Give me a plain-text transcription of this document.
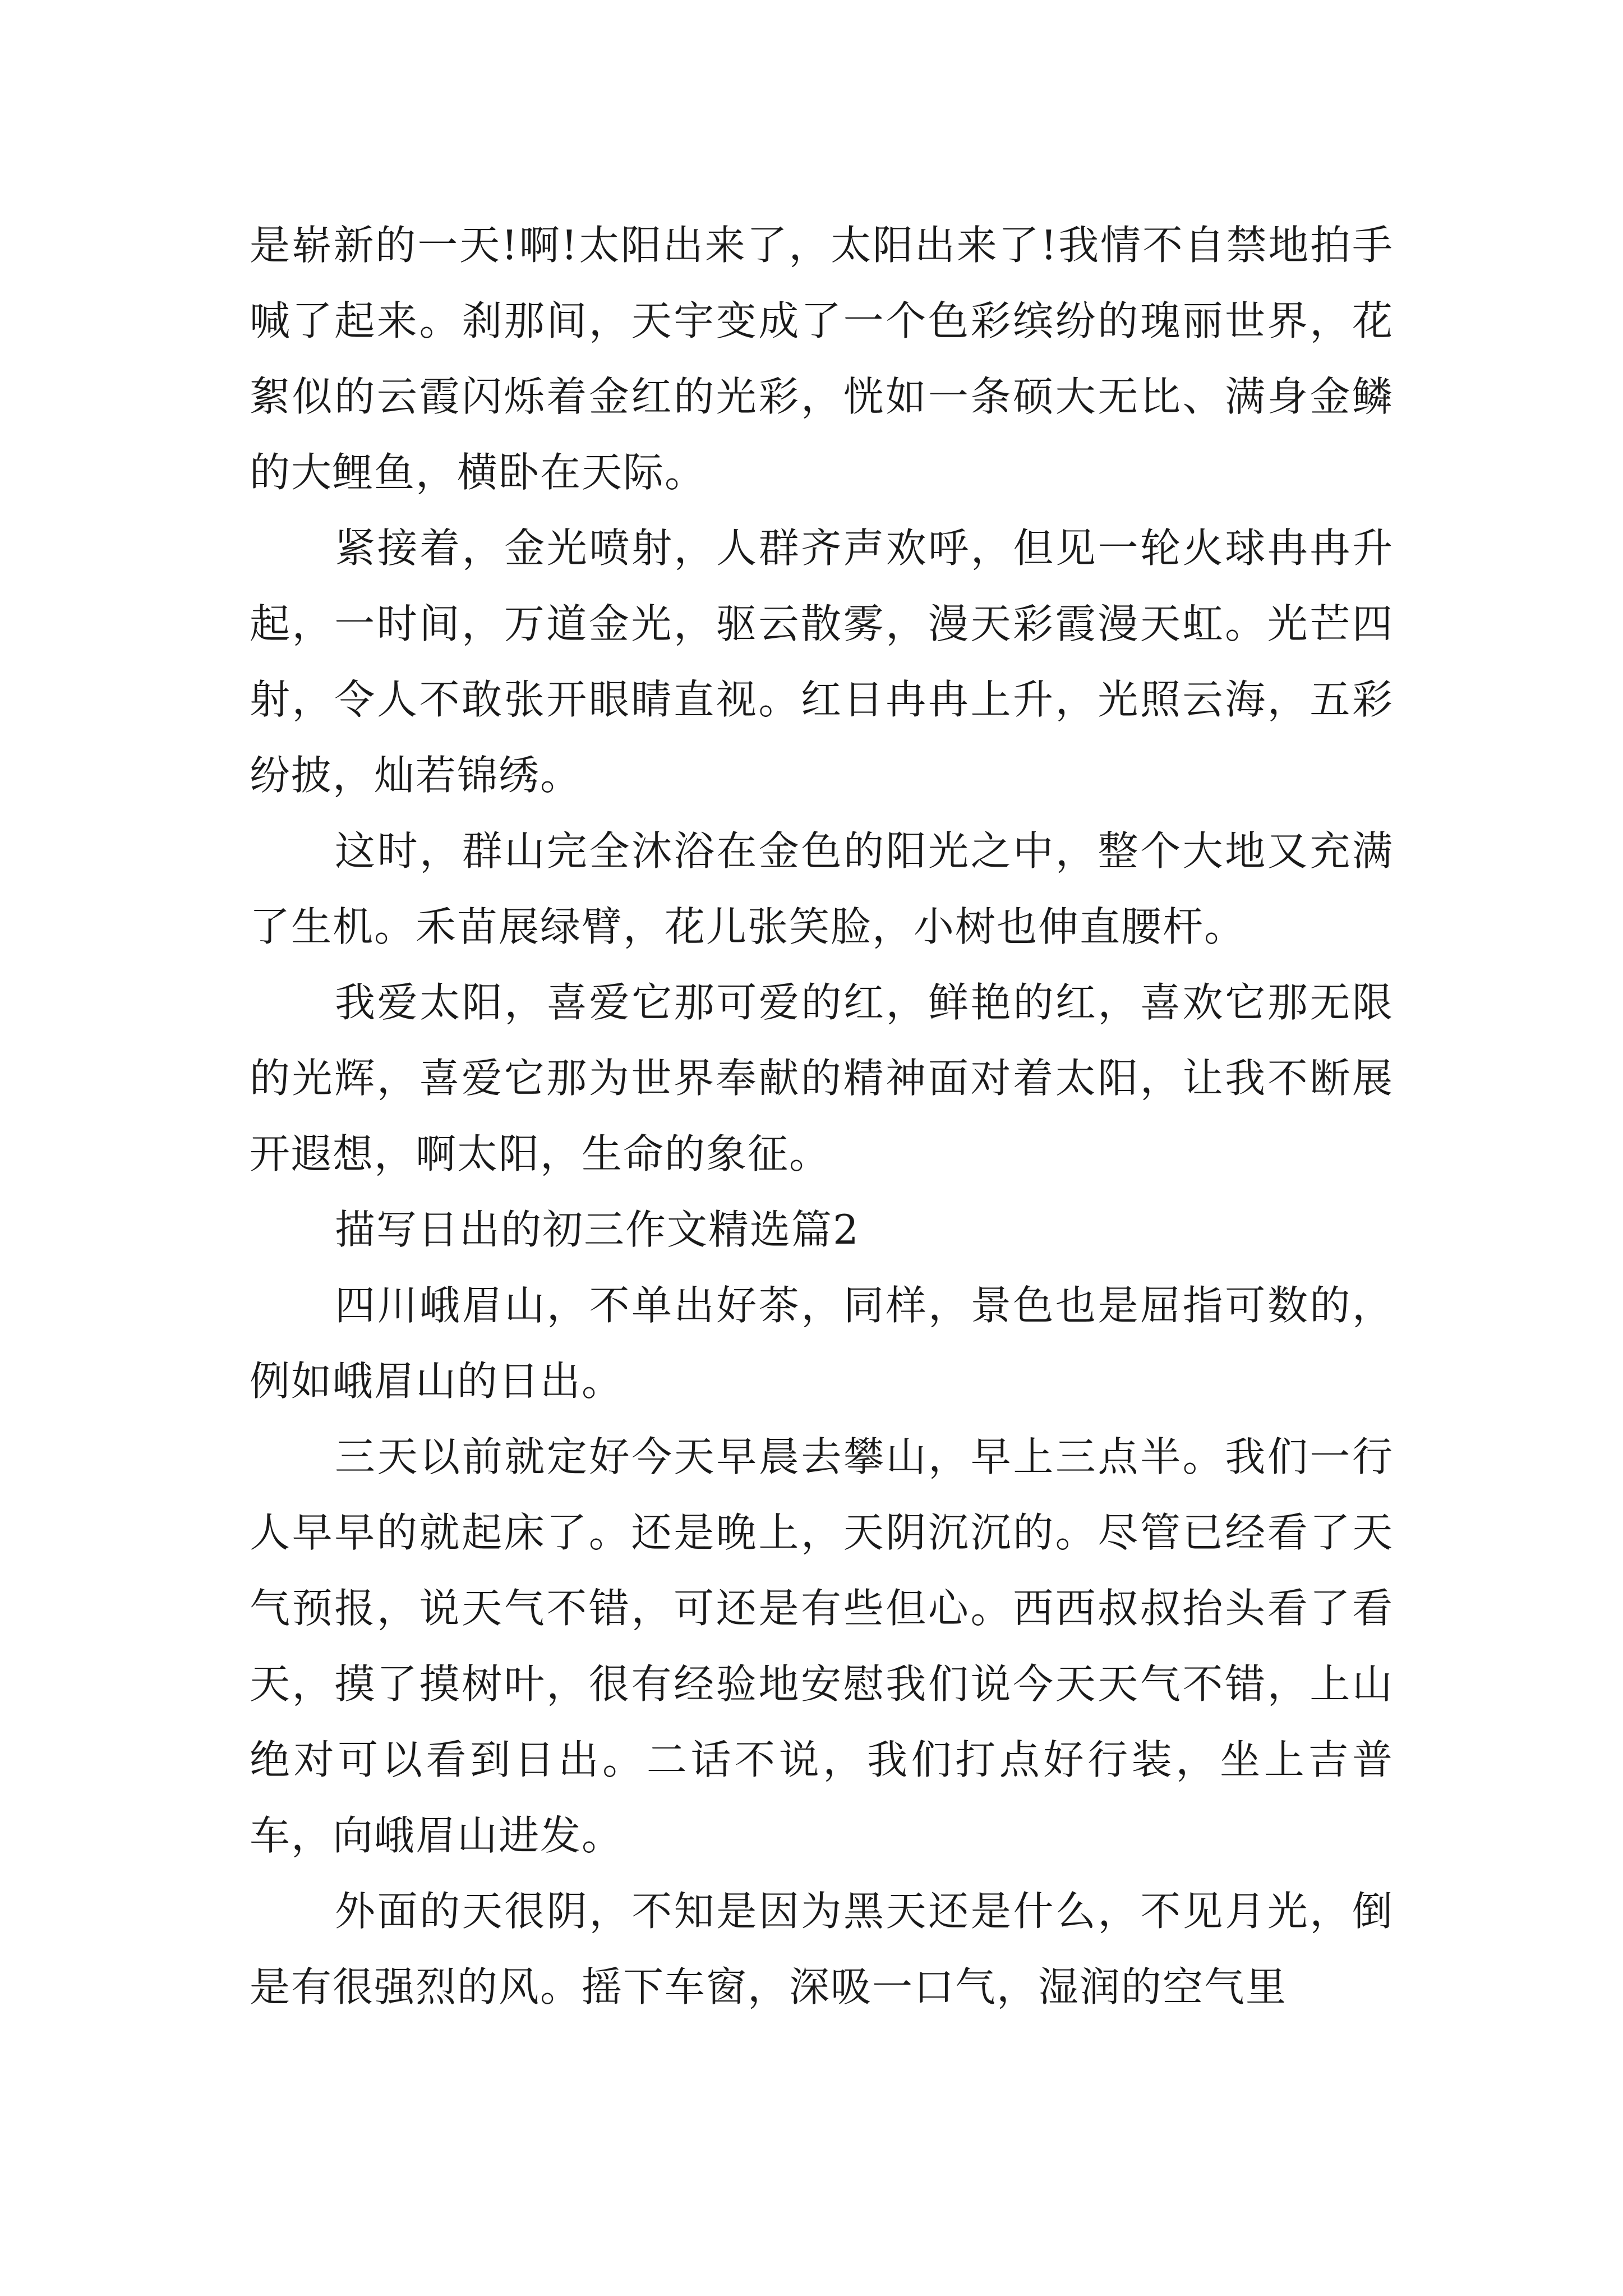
是崭新的一天!啊!太阳出来了，太阳出来了!我情不自禁地拍手喊了起来。刹那间，天宇变成了一个色彩缤纷的瑰丽世界，花絮似的云霞闪烁着金红的光彩，恍如一条硕大无比、满身金鳞的大鲤鱼，横卧在天际。

紧接着，金光喷射，人群齐声欢呼，但见一轮火球冉冉升起，一时间，万道金光，驱云散雾，漫天彩霞漫天虹。光芒四射，令人不敢张开眼睛直视。红日冉冉上升，光照云海，五彩纷披，灿若锦绣。

这时，群山完全沐浴在金色的阳光之中，整个大地又充满了生机。禾苗展绿臂，花儿张笑脸，小树也伸直腰杆。

我爱太阳，喜爱它那可爱的红，鲜艳的红，喜欢它那无限的光辉，喜爱它那为世界奉献的精神面对着太阳，让我不断展开遐想，啊太阳，生命的象征。

描写日出的初三作文精选篇2

四川峨眉山，不单出好茶，同样，景色也是屈指可数的，例如峨眉山的日出。

三天以前就定好今天早晨去攀山，早上三点半。我们一行人早早的就起床了。还是晚上，天阴沉沉的。尽管已经看了天气预报，说天气不错，可还是有些但心。西西叔叔抬头看了看天，摸了摸树叶，很有经验地安慰我们说今天天气不错，上山绝对可以看到日出。二话不说，我们打点好行装，坐上吉普车，向峨眉山进发。

外面的天很阴，不知是因为黑天还是什么，不见月光，倒是有很强烈的风。摇下车窗，深吸一口气，湿润的空气里
